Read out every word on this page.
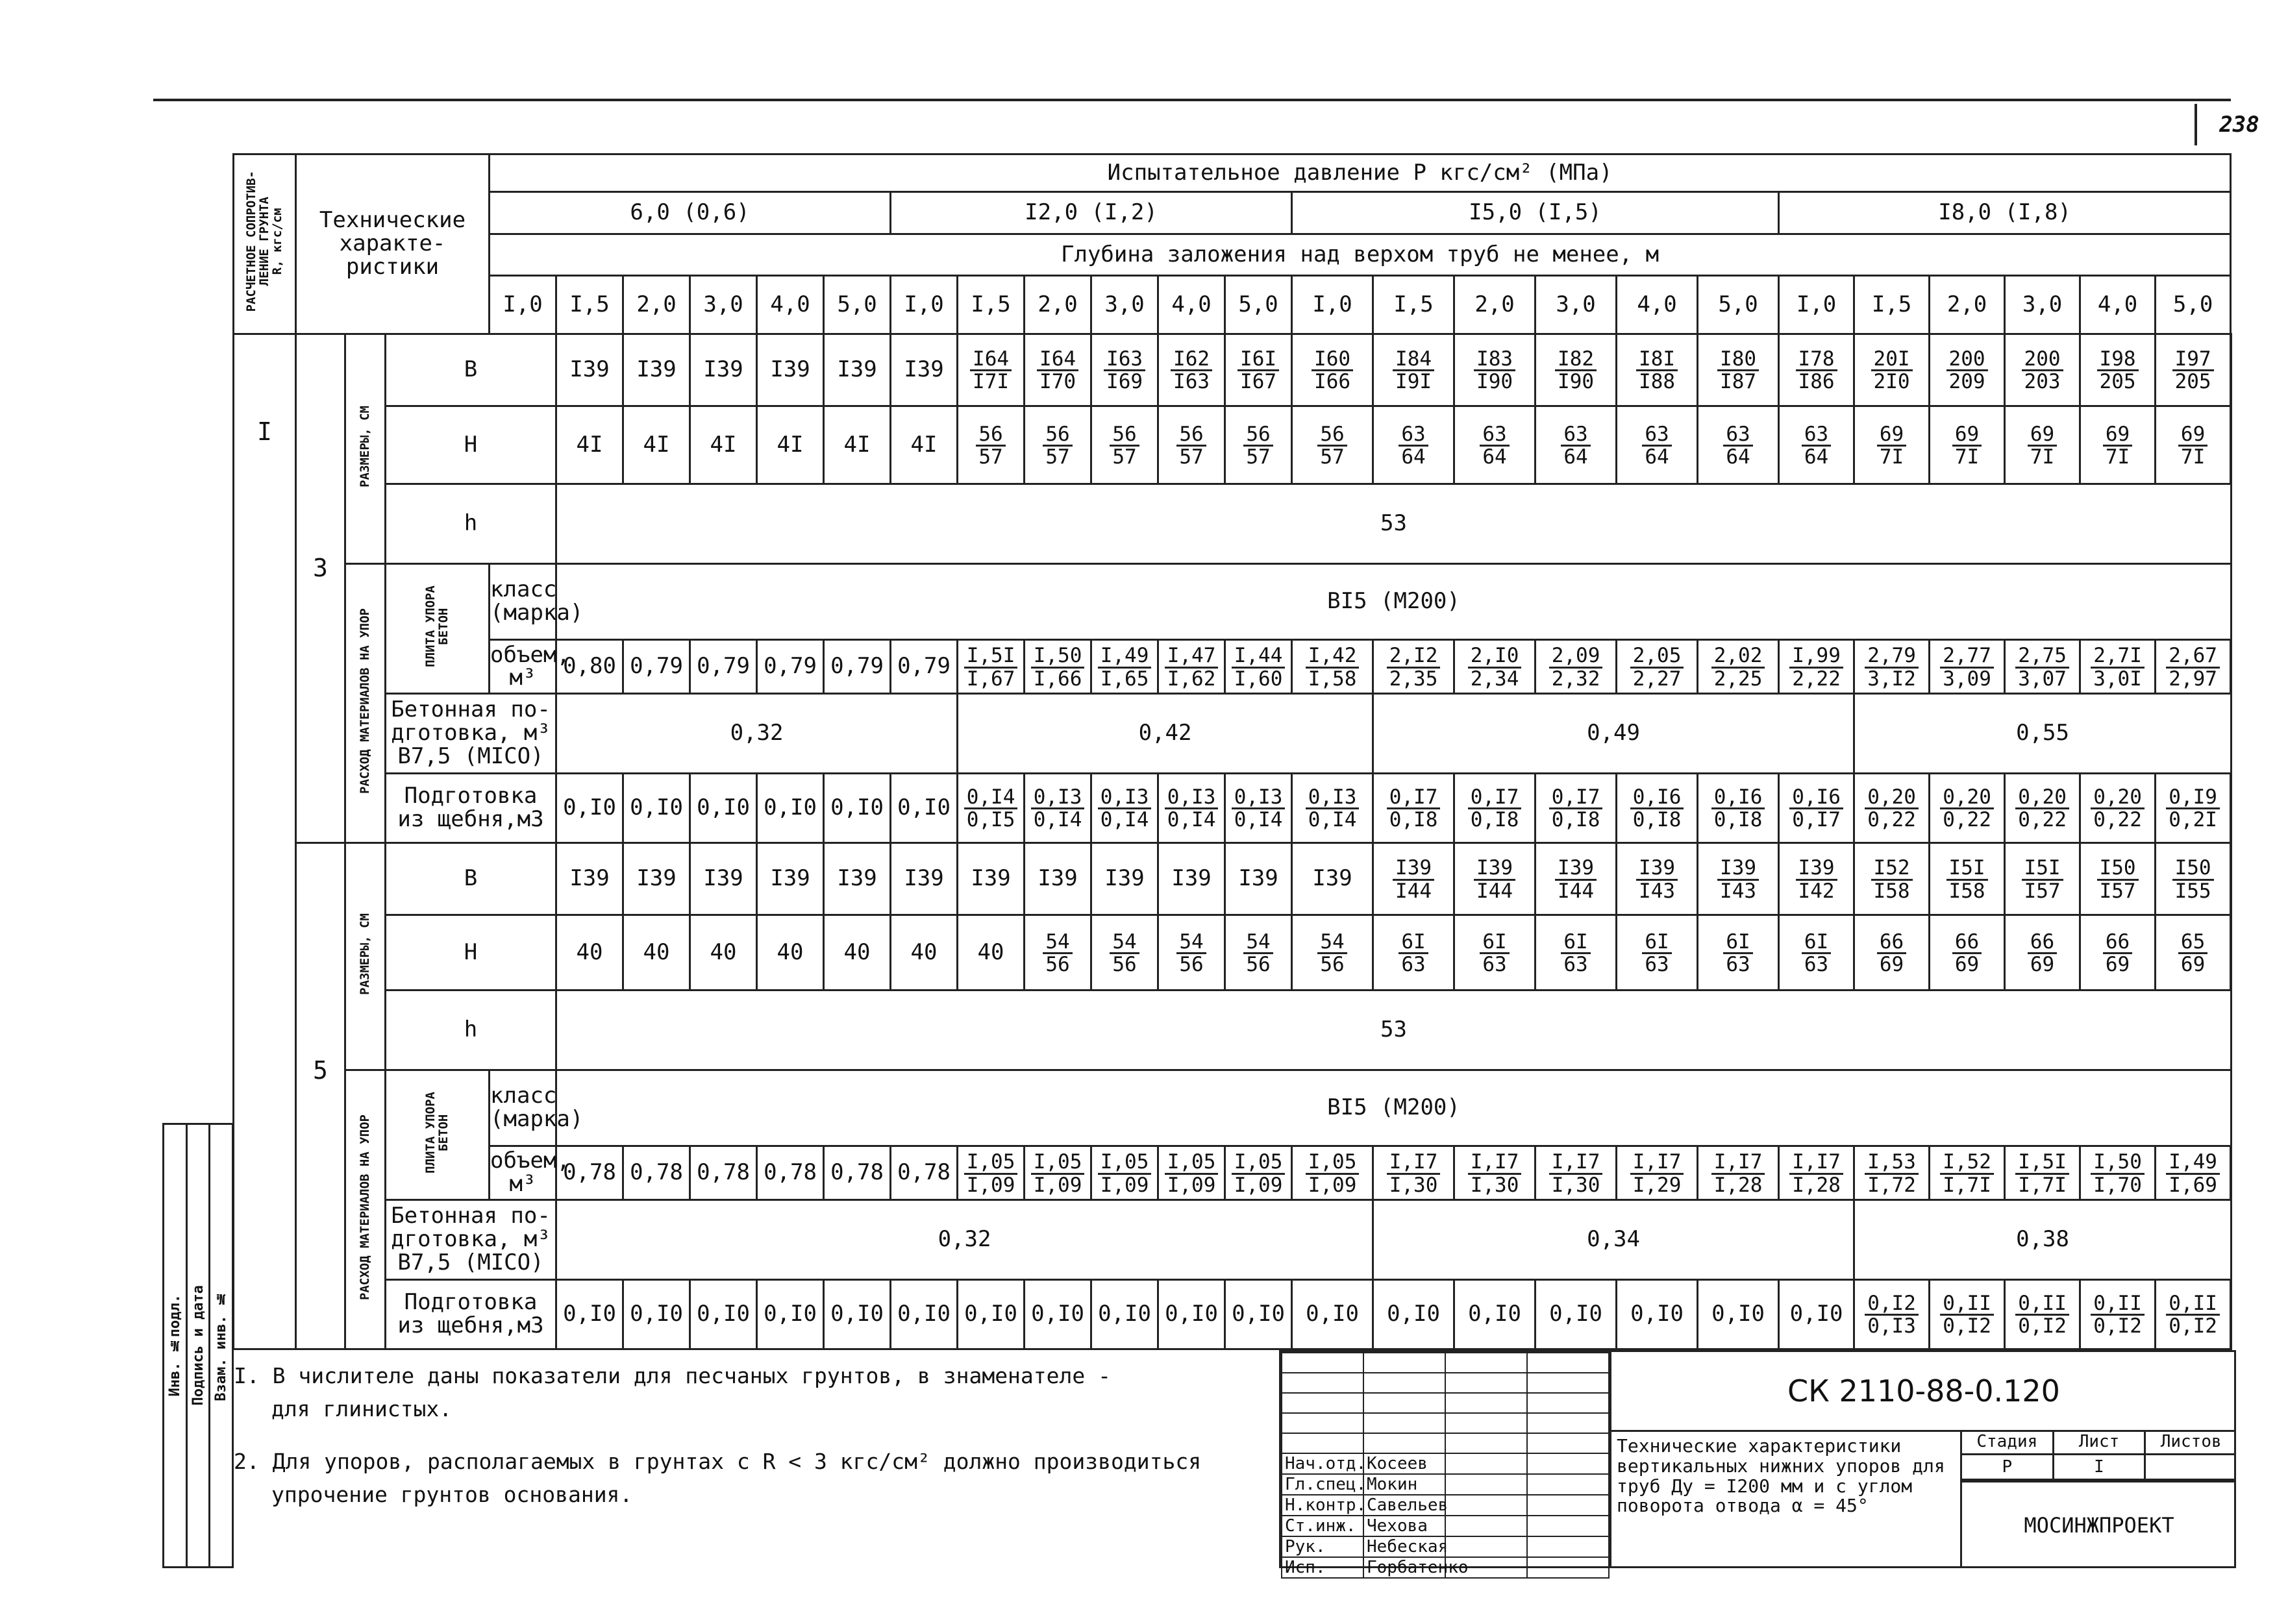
238
РАСЧЕТНОЕ СОПРОТИВ-
ЛЕНИЕ ГРУНТА
R, кгс/см	Технические характе-ристики			Испытательное давление Р кгс/см² (МПа)																								
				6,0 (0,6)						I2,0 (I,2)						I5,0 (I,5)						I8,0 (I,8)						
				Глубина заложения над верхом труб не менее, м																								
				I,0	I,5	2,0	3,0	4,0	5,0	I,0	I,5	2,0	3,0	4,0	5,0	I,0	I,5	2,0	3,0	4,0	5,0	I,0	I,5	2,0	3,0	4,0	5,0	
I	3	РАЗМЕРЫ, СМ	B		I39	I39	I39	I39	I39	I39	$\frac{I64}{I7I}$	$\frac{I64}{I70}$	$\frac{I63}{I69}$	$\frac{I62}{I63}$	$\frac{I6I}{I67}$	$\frac{I60}{I66}$	$\frac{I84}{I9I}$	$\frac{I83}{I90}$	$\frac{I82}{I90}$	$\frac{I8I}{I88}$	$\frac{I80}{I87}$	$\frac{I78}{I86}$	$\frac{20I}{2I0}$	$\frac{200}{209}$	$\frac{200}{203}$	$\frac{I98}{205}$	$\frac{I97}{205}$

			H		4I	4I	4I	4I	4I	4I	$\frac{56}{57}$	$\frac{56}{57}$	$\frac{56}{57}$	$\frac{56}{57}$	$\frac{56}{57}$	$\frac{56}{57}$	$\frac{63}{64}$	$\frac{63}{64}$	$\frac{63}{64}$	$\frac{63}{64}$	$\frac{63}{64}$	$\frac{63}{64}$	$\frac{69}{7I}$	$\frac{69}{7I}$	$\frac{69}{7I}$	$\frac{69}{7I}$	$\frac{69}{7I}$

			h		53																							
		РАСХОД МАТЕРИАЛОВ НА УПОР	ПЛИТА УПОРА
БЕТОН	класс (марка)	BI5 (M200)																							
				объем, м³	0,80	0,79	0,79	0,79	0,79	0,79	$\frac{I,5I}{I,67}$	$\frac{I,50}{I,66}$	$\frac{I,49}{I,65}$	$\frac{I,47}{I,62}$	$\frac{I,44}{I,60}$	$\frac{I,42}{I,58}$	$\frac{2,I2}{2,35}$	$\frac{2,I0}{2,34}$	$\frac{2,09}{2,32}$	$\frac{2,05}{2,27}$	$\frac{2,02}{2,25}$	$\frac{I,99}{2,22}$	$\frac{2,79}{3,I2}$	$\frac{2,77}{3,09}$	$\frac{2,75}{3,07}$	$\frac{2,7I}{3,0I}$	$\frac{2,67}{2,97}$

			Бетонная по-дготовка, м³ В7,5 (МIСО)		0,32						0,42						0,49						0,55					
			Подготовка из щебня,м3		0,I0	0,I0	0,I0	0,I0	0,I0	0,I0	$\frac{0,I4}{0,I5}$	$\frac{0,I3}{0,I4}$	$\frac{0,I3}{0,I4}$	$\frac{0,I3}{0,I4}$	$\frac{0,I3}{0,I4}$	$\frac{0,I3}{0,I4}$	$\frac{0,I7}{0,I8}$	$\frac{0,I7}{0,I8}$	$\frac{0,I7}{0,I8}$	$\frac{0,I6}{0,I8}$	$\frac{0,I6}{0,I8}$	$\frac{0,I6}{0,I7}$	$\frac{0,20}{0,22}$	$\frac{0,20}{0,22}$	$\frac{0,20}{0,22}$	$\frac{0,20}{0,22}$	$\frac{0,I9}{0,2I}$

	5	РАЗМЕРЫ, СМ	B		I39	I39	I39	I39	I39	I39	I39	I39	I39	I39	I39	I39	$\frac{I39}{I44}$	$\frac{I39}{I44}$	$\frac{I39}{I44}$	$\frac{I39}{I43}$	$\frac{I39}{I43}$	$\frac{I39}{I42}$	$\frac{I52}{I58}$	$\frac{I5I}{I58}$	$\frac{I5I}{I57}$	$\frac{I50}{I57}$	$\frac{I50}{I55}$

			H		40	40	40	40	40	40	40	$\frac{54}{56}$	$\frac{54}{56}$	$\frac{54}{56}$	$\frac{54}{56}$	$\frac{54}{56}$	$\frac{6I}{63}$	$\frac{6I}{63}$	$\frac{6I}{63}$	$\frac{6I}{63}$	$\frac{6I}{63}$	$\frac{6I}{63}$	$\frac{66}{69}$	$\frac{66}{69}$	$\frac{66}{69}$	$\frac{66}{69}$	$\frac{65}{69}$

			h		53																							
		РАСХОД МАТЕРИАЛОВ НА УПОР	ПЛИТА УПОРА
БЕТОН	класс (марка)	BI5 (M200)																							
				объем, м³	0,78	0,78	0,78	0,78	0,78	0,78	$\frac{I,05}{I,09}$	$\frac{I,05}{I,09}$	$\frac{I,05}{I,09}$	$\frac{I,05}{I,09}$	$\frac{I,05}{I,09}$	$\frac{I,05}{I,09}$	$\frac{I,I7}{I,30}$	$\frac{I,I7}{I,30}$	$\frac{I,I7}{I,30}$	$\frac{I,I7}{I,29}$	$\frac{I,I7}{I,28}$	$\frac{I,I7}{I,28}$	$\frac{I,53}{I,72}$	$\frac{I,52}{I,7I}$	$\frac{I,5I}{I,7I}$	$\frac{I,50}{I,70}$	$\frac{I,49}{I,69}$

			Бетонная по-дготовка, м³ В7,5 (МIСО)		0,32												0,34						0,38					
			Подготовка из щебня,м3		0,I0	0,I0	0,I0	0,I0	0,I0	0,I0	0,I0	0,I0	0,I0	0,I0	0,I0	0,I0	0,I0	0,I0	0,I0	0,I0	0,I0	0,I0	$\frac{0,I2}{0,I3}$	$\frac{0,II}{0,I2}$	$\frac{0,II}{0,I2}$	$\frac{0,II}{0,I2}$	$\frac{0,II}{0,I2}$

I. В числителе даны показатели для песчаных грунтов, в знаменателе -

для глинистых.

2. Для упоров, располагаемых в грунтах с R < 3 кгс/см² должно производиться

упрочение грунтов основания.

Инв. №подл. Подпись и дата Взам. инв. №

Нач.отд.	Косеев		
Гл.спец.	Мокин		
Н.контр.	Савельев		
Ст.инж.	Чехова		
Рук.	Небеская		
Исп.	Горбатенко		
СК 2110-88-0.120
Технические характеристики вертикальных нижних упоров для труб Ду = I200 мм и с углом поворота отвода α = 45°
Стадия	Лист	Листов
Р	I
МОСИНЖПРОЕКТ
